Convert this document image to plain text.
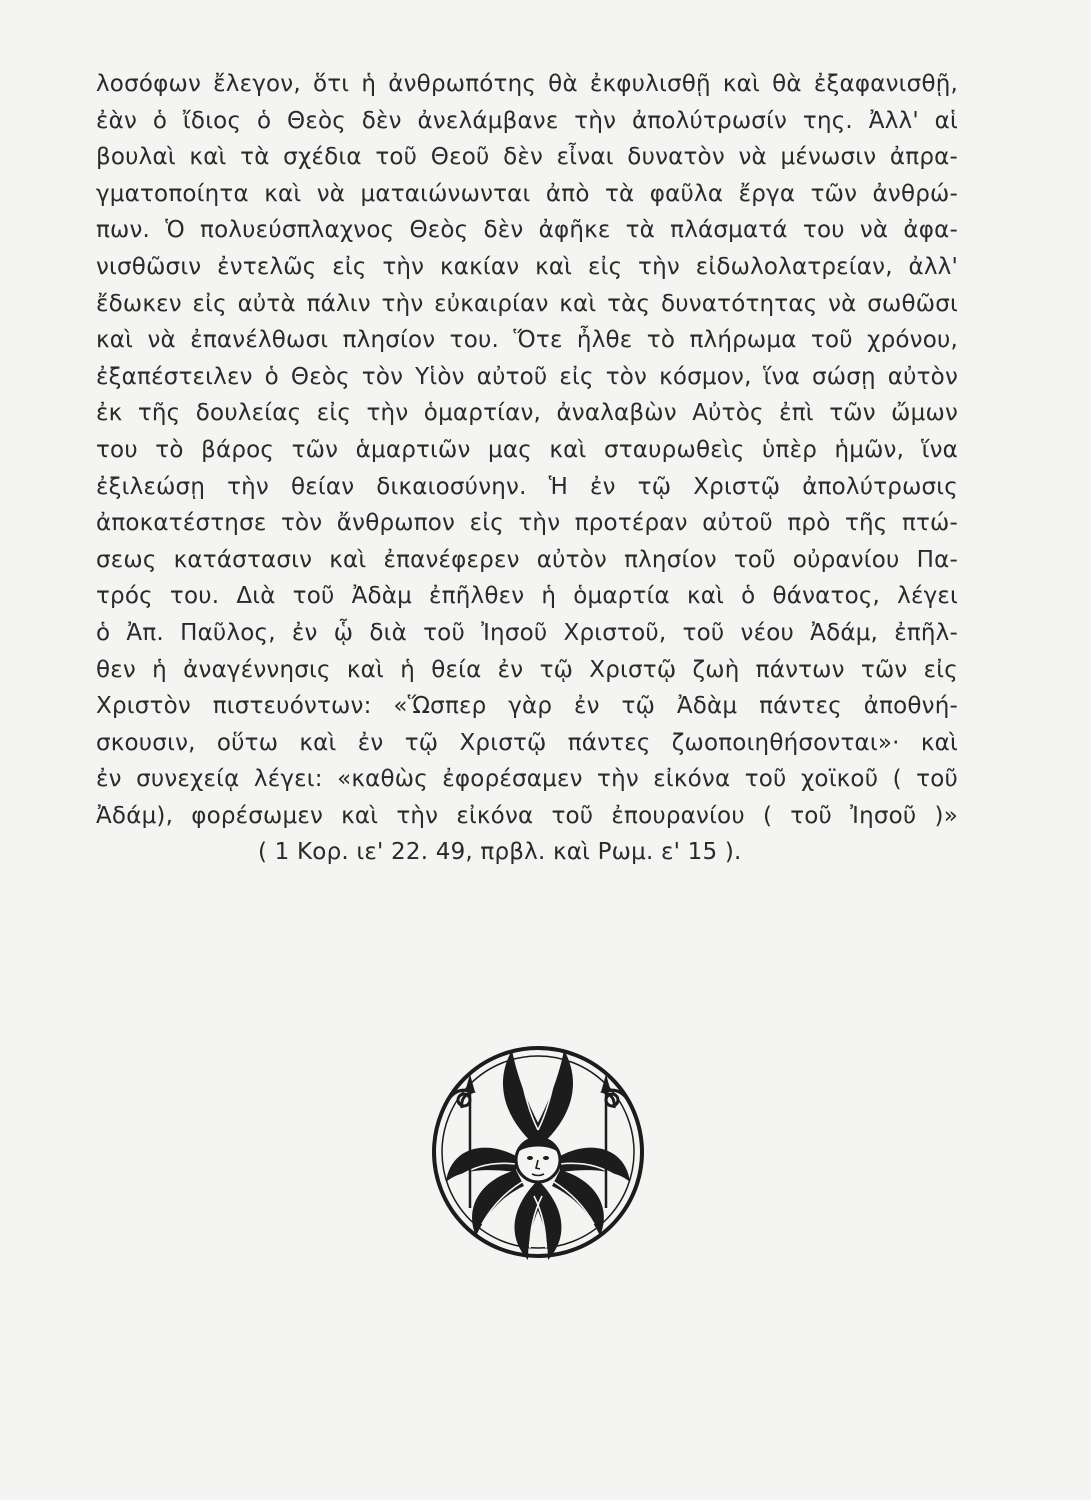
λοσόφων ἔλεγον, ὅτι ἡ ἀνθρωπότης θὰ ἐκφυλισθῇ καὶ θὰ ἐξαφανισθῇ,
ἐὰν ὁ ἴδιος ὁ Θεὸς δὲν ἀνελάμβανε τὴν ἀπολύτρωσίν της. Ἀλλ' αἱ
βουλαὶ καὶ τὰ σχέδια τοῦ Θεοῦ δὲν εἶναι δυνατὸν νὰ μένωσιν ἀπρα-
γματοποίητα καὶ νὰ ματαιώνωνται ἀπὸ τὰ φαῦλα ἔργα τῶν ἀνθρώ-
πων. Ὁ πολυεύσπλαχνος Θεὸς δὲν ἀφῆκε τὰ πλάσματά του νὰ ἀφα-
νισθῶσιν ἐντελῶς εἰς τὴν κακίαν καὶ εἰς τὴν εἰδωλολατρείαν, ἀλλ'
ἔδωκεν εἰς αὐτὰ πάλιν τὴν εὐκαιρίαν καὶ τὰς δυνατότητας νὰ σωθῶσι
καὶ νὰ ἐπανέλθωσι πλησίον του. Ὅτε ἦλθε τὸ πλήρωμα τοῦ χρόνου,
ἐξαπέστειλεν ὁ Θεὸς τὸν Υἱὸν αὐτοῦ εἰς τὸν κόσμον, ἵνα σώσῃ αὐτὸν
ἐκ τῆς δουλείας εἰς τὴν ὁμαρτίαν, ἀναλαβὼν Αὐτὸς ἐπὶ τῶν ὤμων
του τὸ βάρος τῶν ἁμαρτιῶν μας καὶ σταυρωθεὶς ὑπὲρ ἡμῶν, ἵνα
ἐξιλεώσῃ τὴν θείαν δικαιοσύνην. Ἡ ἐν τῷ Χριστῷ ἀπολύτρωσις
ἀποκατέστησε τὸν ἄνθρωπον εἰς τὴν προτέραν αὐτοῦ πρὸ τῆς πτώ-
σεως κατάστασιν καὶ ἐπανέφερεν αὐτὸν πλησίον τοῦ οὐρανίου Πα-
τρός του. Διὰ τοῦ Ἀδὰμ ἐπῆλθεν ἡ ὁμαρτία καὶ ὁ θάνατος, λέγει
ὁ Ἀπ. Παῦλος, ἐν ᾧ διὰ τοῦ Ἰησοῦ Χριστοῦ, τοῦ νέου Ἀδάμ, ἐπῆλ-
θεν ἡ ἀναγέννησις καὶ ἡ θεία ἐν τῷ Χριστῷ ζωὴ πάντων τῶν εἰς
Χριστὸν πιστευόντων: «Ὥσπερ γὰρ ἐν τῷ Ἀδὰμ πάντες ἀποθνή-
σκουσιν, οὕτω καὶ ἐν τῷ Χριστῷ πάντες ζωοποιηθήσονται»· καὶ
ἐν συνεχείᾳ λέγει: «καθὼς ἐφορέσαμεν τὴν εἰκόνα τοῦ χοϊκοῦ ( τοῦ
Ἀδάμ), φορέσωμεν καὶ τὴν εἰκόνα τοῦ ἐπουρανίου ( τοῦ Ἰησοῦ )»
( 1 Κορ. ιε' 22. 49, πρβλ. καὶ Ρωμ. ε' 15 ).
